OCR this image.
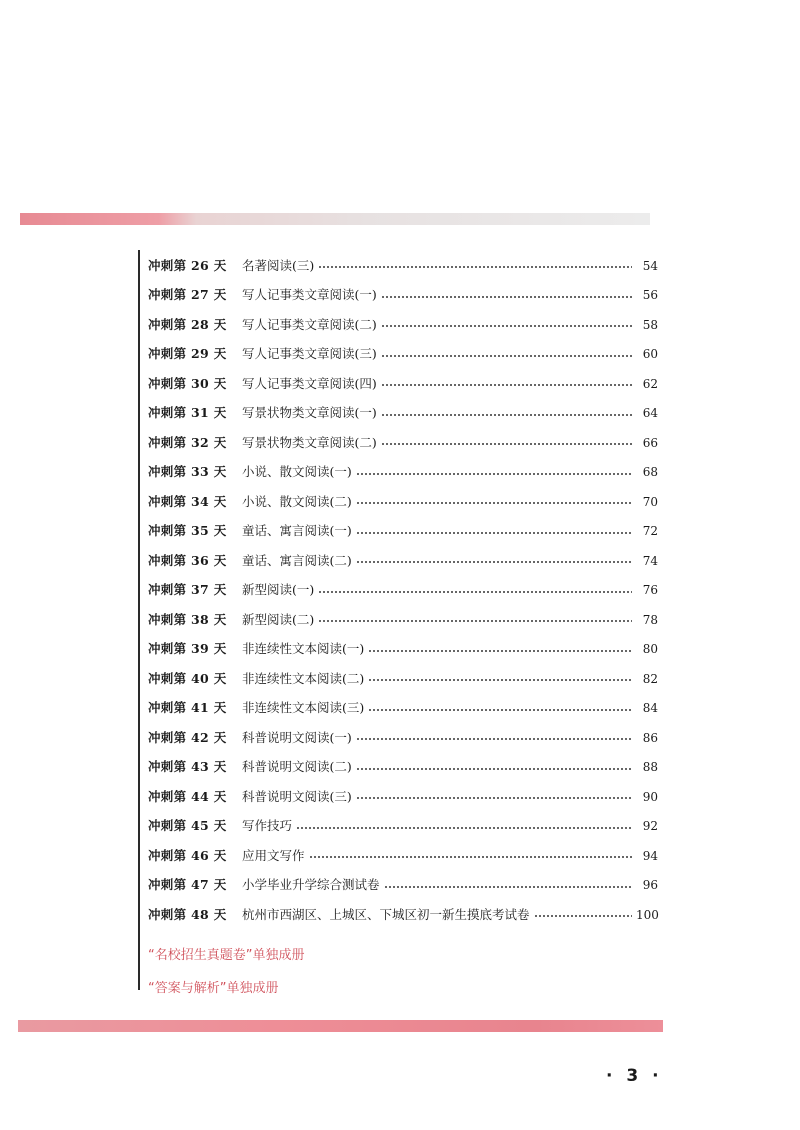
冲刺第 26 天	名著阅读(三)	54
冲刺第 27 天	写人记事类文章阅读(一)	56
冲刺第 28 天	写人记事类文章阅读(二)	58
冲刺第 29 天	写人记事类文章阅读(三)	60
冲刺第 30 天	写人记事类文章阅读(四)	62
冲刺第 31 天	写景状物类文章阅读(一)	64
冲刺第 32 天	写景状物类文章阅读(二)	66
冲刺第 33 天	小说、散文阅读(一)	68
冲刺第 34 天	小说、散文阅读(二)	70
冲刺第 35 天	童话、寓言阅读(一)	72
冲刺第 36 天	童话、寓言阅读(二)	74
冲刺第 37 天	新型阅读(一)	76
冲刺第 38 天	新型阅读(二)	78
冲刺第 39 天	非连续性文本阅读(一)	80
冲刺第 40 天	非连续性文本阅读(二)	82
冲刺第 41 天	非连续性文本阅读(三)	84
冲刺第 42 天	科普说明文阅读(一)	86
冲刺第 43 天	科普说明文阅读(二)	88
冲刺第 44 天	科普说明文阅读(三)	90
冲刺第 45 天	写作技巧	92
冲刺第 46 天	应用文写作	94
冲刺第 47 天	小学毕业升学综合测试卷	96
冲刺第 48 天	杭州市西湖区、上城区、下城区初一新生摸底考试卷	100
“名校招生真题卷”单独成册
“答案与解析”单独成册
· 3 ·
